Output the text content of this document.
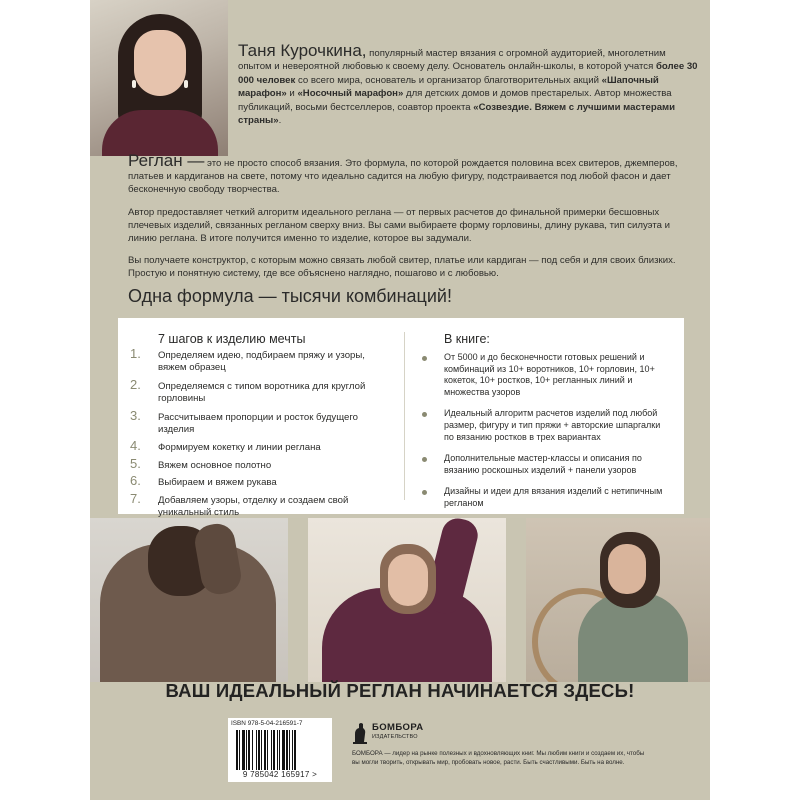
Таня Курочкина, популярный мастер вязания с огромной аудиторией, многолетним опытом и невероятной любовью к своему делу. Основатель онлайн-школы, в которой учатся более 30 000 человек со всего мира, основатель и организатор благотворительных акций «Шапочный марафон» и «Носочный марафон» для детских домов и домов престарелых. Автор множества публикаций, восьми бестселлеров, соавтор проекта «Созвездие. Вяжем с лучшими мастерами страны».

Реглан — это не просто способ вязания. Это формула, по которой рождается половина всех свитеров, джемперов, платьев и кардиганов на свете, потому что идеально садится на любую фигуру, подстраивается под любой фасон и дает бесконечную свободу творчества.

Автор предоставляет четкий алгоритм идеального реглана — от первых расчетов до финальной примерки бесшовных плечевых изделий, связанных регланом сверху вниз. Вы сами выбираете форму горловины, длину рукава, тип силуэта и линию реглана. В итоге получится именно то изделие, которое вы задумали.

Вы получаете конструктор, с которым можно связать любой свитер, платье или кардиган — под себя и для своих близких. Простую и понятную систему, где все объяснено наглядно, пошагово и с любовью.

Одна формула — тысячи комбинаций!
7 шагов к изделию мечты
1. Определяем идею, подбираем пряжу и узоры, вяжем образец
2. Определяемся с типом воротника для круглой горловины
3. Рассчитываем пропорции и росток будущего изделия
4. Формируем кокетку и линии реглана
5. Вяжем основное полотно
6. Выбираем и вяжем рукава
7. Добавляем узоры, отделку и создаем свой уникальный стиль
В книге:
От 5000 и до бесконечности готовых решений и комбинаций из 10+ воротников, 10+ горловин, 10+ кокеток, 10+ ростков, 10+ регланных линий и множества узоров
Идеальный алгоритм расчетов изделий под любой размер, фигуру и тип пряжи + авторские шпаргалки по вязанию ростков в трех вариантах
Дополнительные мастер-классы и описания по вязанию роскошных изделий + панели узоров
Дизайны и идеи для вязания изделий с нетипичным регланом
ВАШ ИДЕАЛЬНЫЙ РЕГЛАН НАЧИНАЕТСЯ ЗДЕСЬ!
ISBN 978-5-04-216591-7
9 785042 165917 >
БОМБОРА
ИЗДАТЕЛЬСТВО
БОМБОРА — лидер на рынке полезных и вдохновляющих книг. Мы любим книги и создаем их, чтобы вы могли творить, открывать мир, пробовать новое, расти. Быть счастливыми. Быть на волне.
